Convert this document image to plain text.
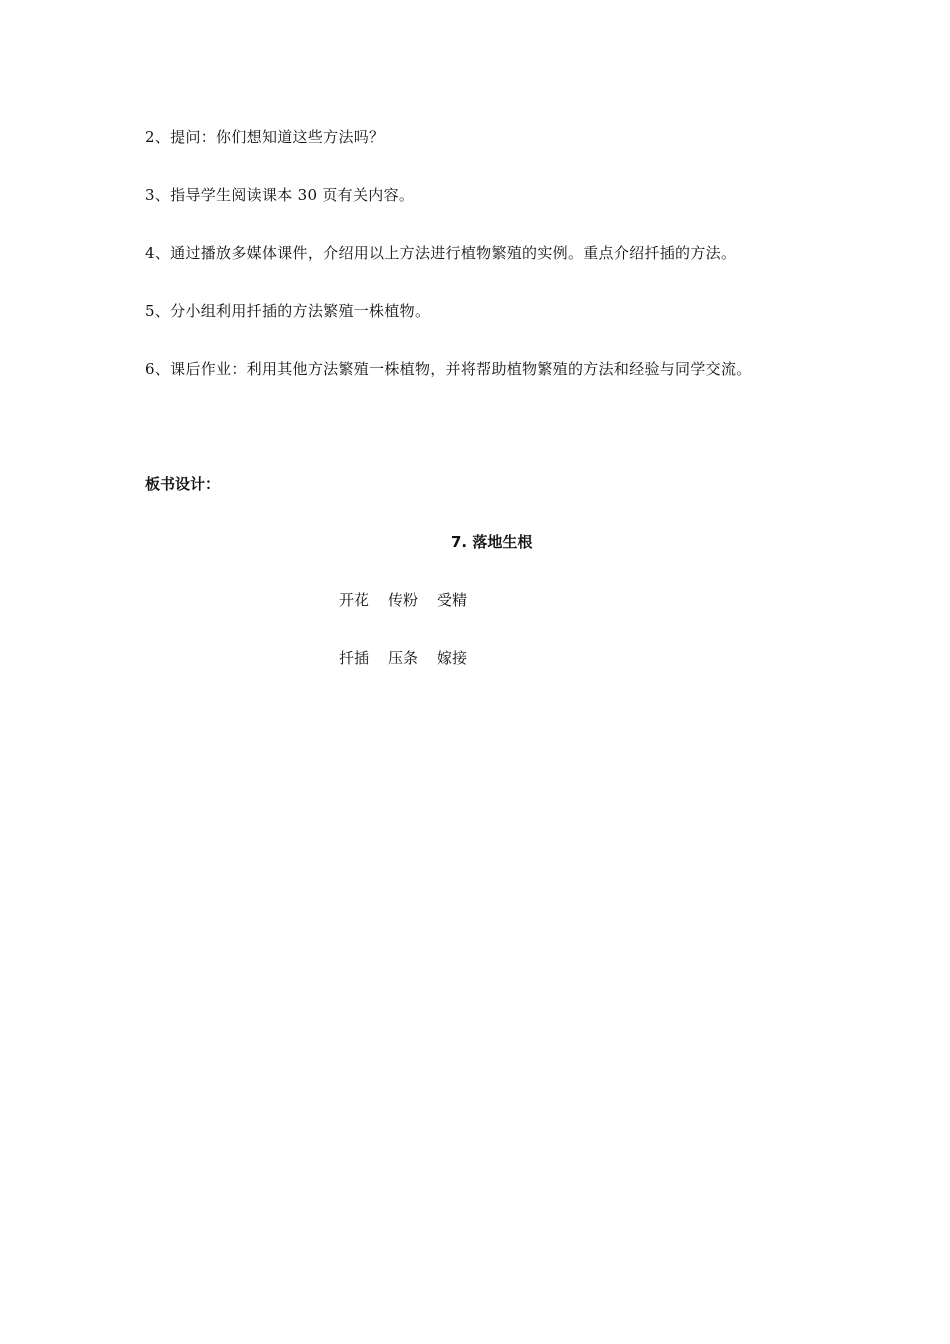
2、提问：你们想知道这些方法吗？
3、指导学生阅读课本 30 页有关内容。
4、通过播放多媒体课件，介绍用以上方法进行植物繁殖的实例。重点介绍扦插的方法。
5、分小组利用扦插的方法繁殖一株植物。
6、课后作业：利用其他方法繁殖一株植物，并将帮助植物繁殖的方法和经验与同学交流。
板书设计：
7. 落地生根
开花 传粉 受精
扦插 压条 嫁接
